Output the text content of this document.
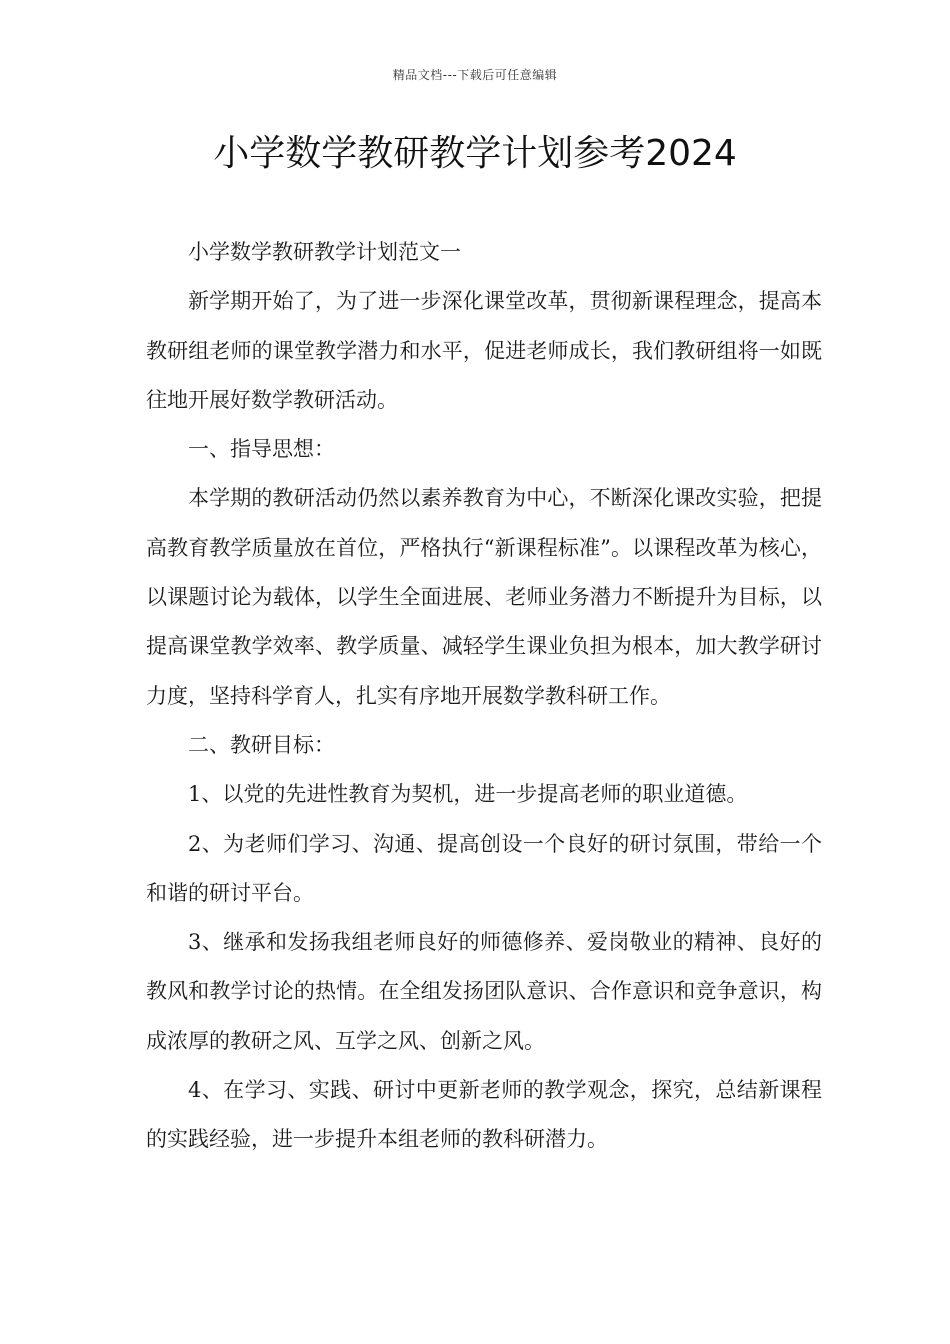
精品文档---下载后可任意编辑
小学数学教研教学计划参考2024

小学数学教研教学计划范文一

新学期开始了，为了进一步深化课堂改革，贯彻新课程理念，提高本教研组老师的课堂教学潜力和水平，促进老师成长，我们教研组将一如既往地开展好数学教研活动。

一、指导思想：

本学期的教研活动仍然以素养教育为中心，不断深化课改实验，把提高教育教学质量放在首位，严格执行“新课程标准”。以课程改革为核心，以课题讨论为载体，以学生全面进展、老师业务潜力不断提升为目标，以提高课堂教学效率、教学质量、减轻学生课业负担为根本，加大教学研讨力度，坚持科学育人，扎实有序地开展数学教科研工作。

二、教研目标：

1、以党的先进性教育为契机，进一步提高老师的职业道德。

2、为老师们学习、沟通、提高创设一个良好的研讨氛围，带给一个和谐的研讨平台。

3、继承和发扬我组老师良好的师德修养、爱岗敬业的精神、良好的教风和教学讨论的热情。在全组发扬团队意识、合作意识和竞争意识，构成浓厚的教研之风、互学之风、创新之风。

4、在学习、实践、研讨中更新老师的教学观念，探究，总结新课程的实践经验，进一步提升本组老师的教科研潜力。
